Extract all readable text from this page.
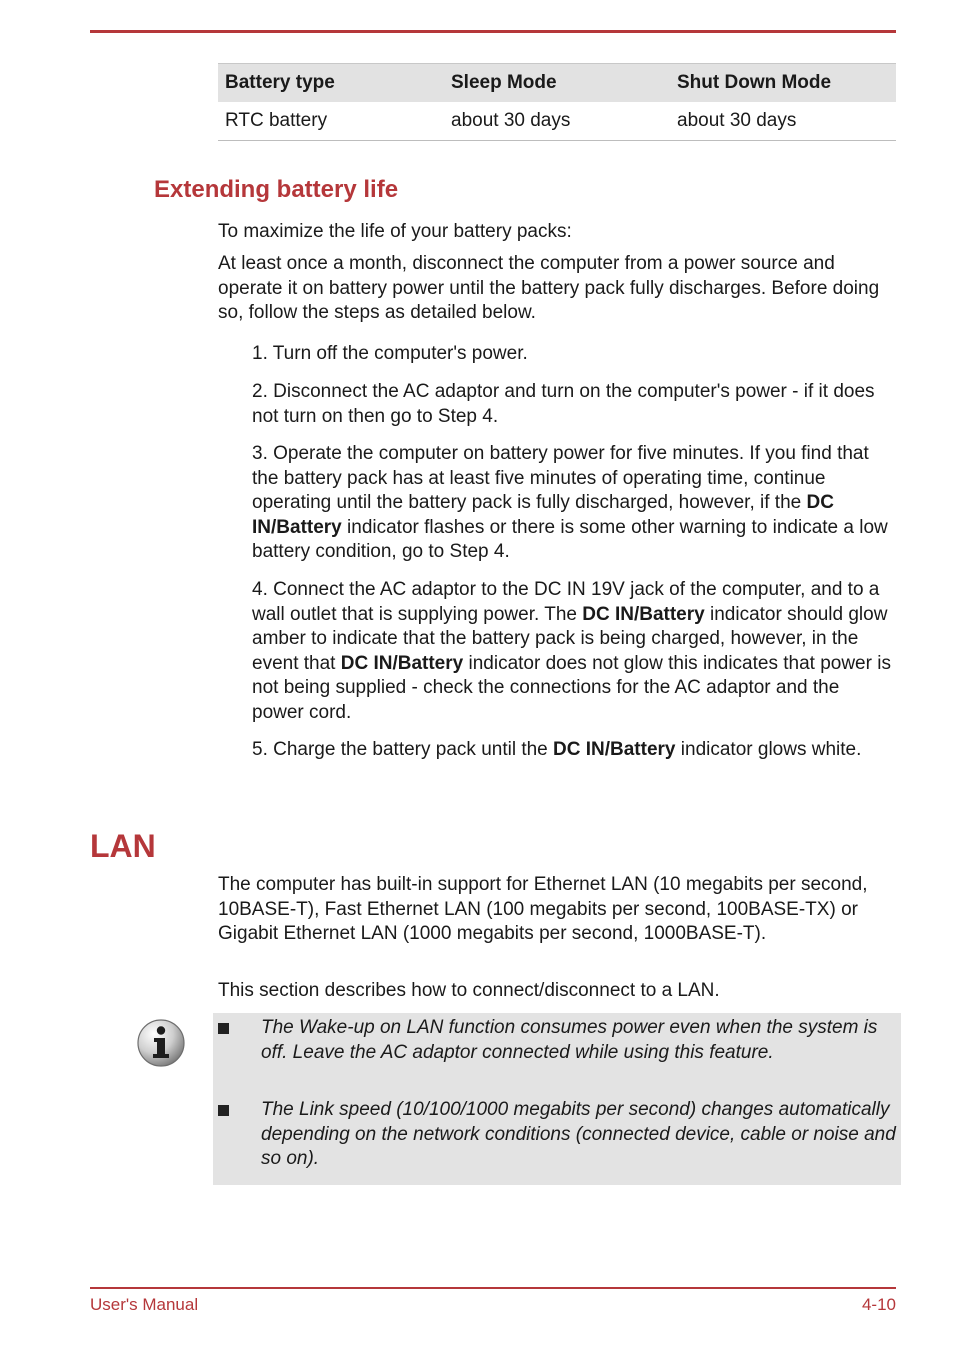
Battery type	Sleep Mode	Shut Down Mode
RTC battery	about 30 days	about 30 days
Extending battery life

To maximize the life of your battery packs:

At least once a month, disconnect the computer from a power source and operate it on battery power until the battery pack fully discharges. Before doing so, follow the steps as detailed below.

1. Turn off the computer's power.

2. Disconnect the AC adaptor and turn on the computer's power - if it does not turn on then go to Step 4.

3. Operate the computer on battery power for five minutes. If you find that the battery pack has at least five minutes of operating time, continue operating until the battery pack is fully discharged, however, if the DC IN/Battery indicator flashes or there is some other warning to indicate a low battery condition, go to Step 4.

4. Connect the AC adaptor to the DC IN 19V jack of the computer, and to a wall outlet that is supplying power. The DC IN/Battery indicator should glow amber to indicate that the battery pack is being charged, however, in the event that DC IN/Battery indicator does not glow this indicates that power is not being supplied - check the connections for the AC adaptor and the power cord.

5. Charge the battery pack until the DC IN/Battery indicator glows white.

LAN

The computer has built-in support for Ethernet LAN (10 megabits per second, 10BASE-T), Fast Ethernet LAN (100 megabits per second, 100BASE-TX) or Gigabit Ethernet LAN (1000 megabits per second, 1000BASE-T).

This section describes how to connect/disconnect to a LAN.

The Wake-up on LAN function consumes power even when the system is off. Leave the AC adaptor connected while using this feature.
The Link speed (10/100/1000 megabits per second) changes automatically depending on the network conditions (connected device, cable or noise and so on).
User's Manual	4-10
